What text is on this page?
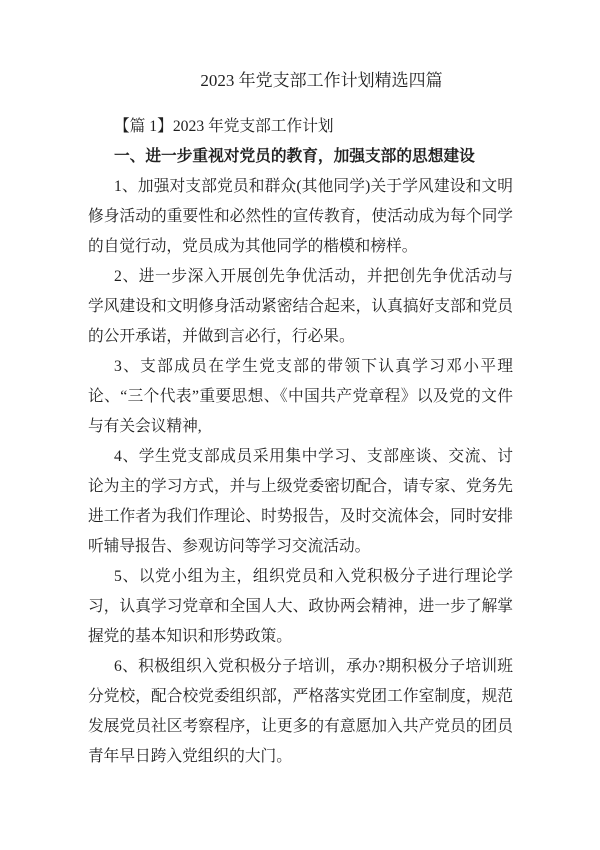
2023 年党支部工作计划精选四篇

【篇 1】2023 年党支部工作计划

一、进一步重视对党员的教育，加强支部的思想建设

1、加强对支部党员和群众(其他同学)关于学风建设和文明修身活动的重要性和必然性的宣传教育，使活动成为每个同学的自觉行动，党员成为其他同学的楷模和榜样。

2、进一步深入开展创先争优活动，并把创先争优活动与学风建设和文明修身活动紧密结合起来，认真搞好支部和党员的公开承诺，并做到言必行，行必果。

3、支部成员在学生党支部的带领下认真学习邓小平理论、“三个代表”重要思想、《中国共产党章程》以及党的文件与有关会议精神,

4、学生党支部成员采用集中学习、支部座谈、交流、讨论为主的学习方式，并与上级党委密切配合，请专家、党务先进工作者为我们作理论、时势报告，及时交流体会，同时安排听辅导报告、参观访问等学习交流活动。

5、以党小组为主，组织党员和入党积极分子进行理论学习，认真学习党章和全国人大、政协两会精神，进一步了解掌握党的基本知识和形势政策。

6、积极组织入党积极分子培训，承办?期积极分子培训班分党校，配合校党委组织部，严格落实党团工作室制度，规范发展党员社区考察程序，让更多的有意愿加入共产党员的团员青年早日跨入党组织的大门。
